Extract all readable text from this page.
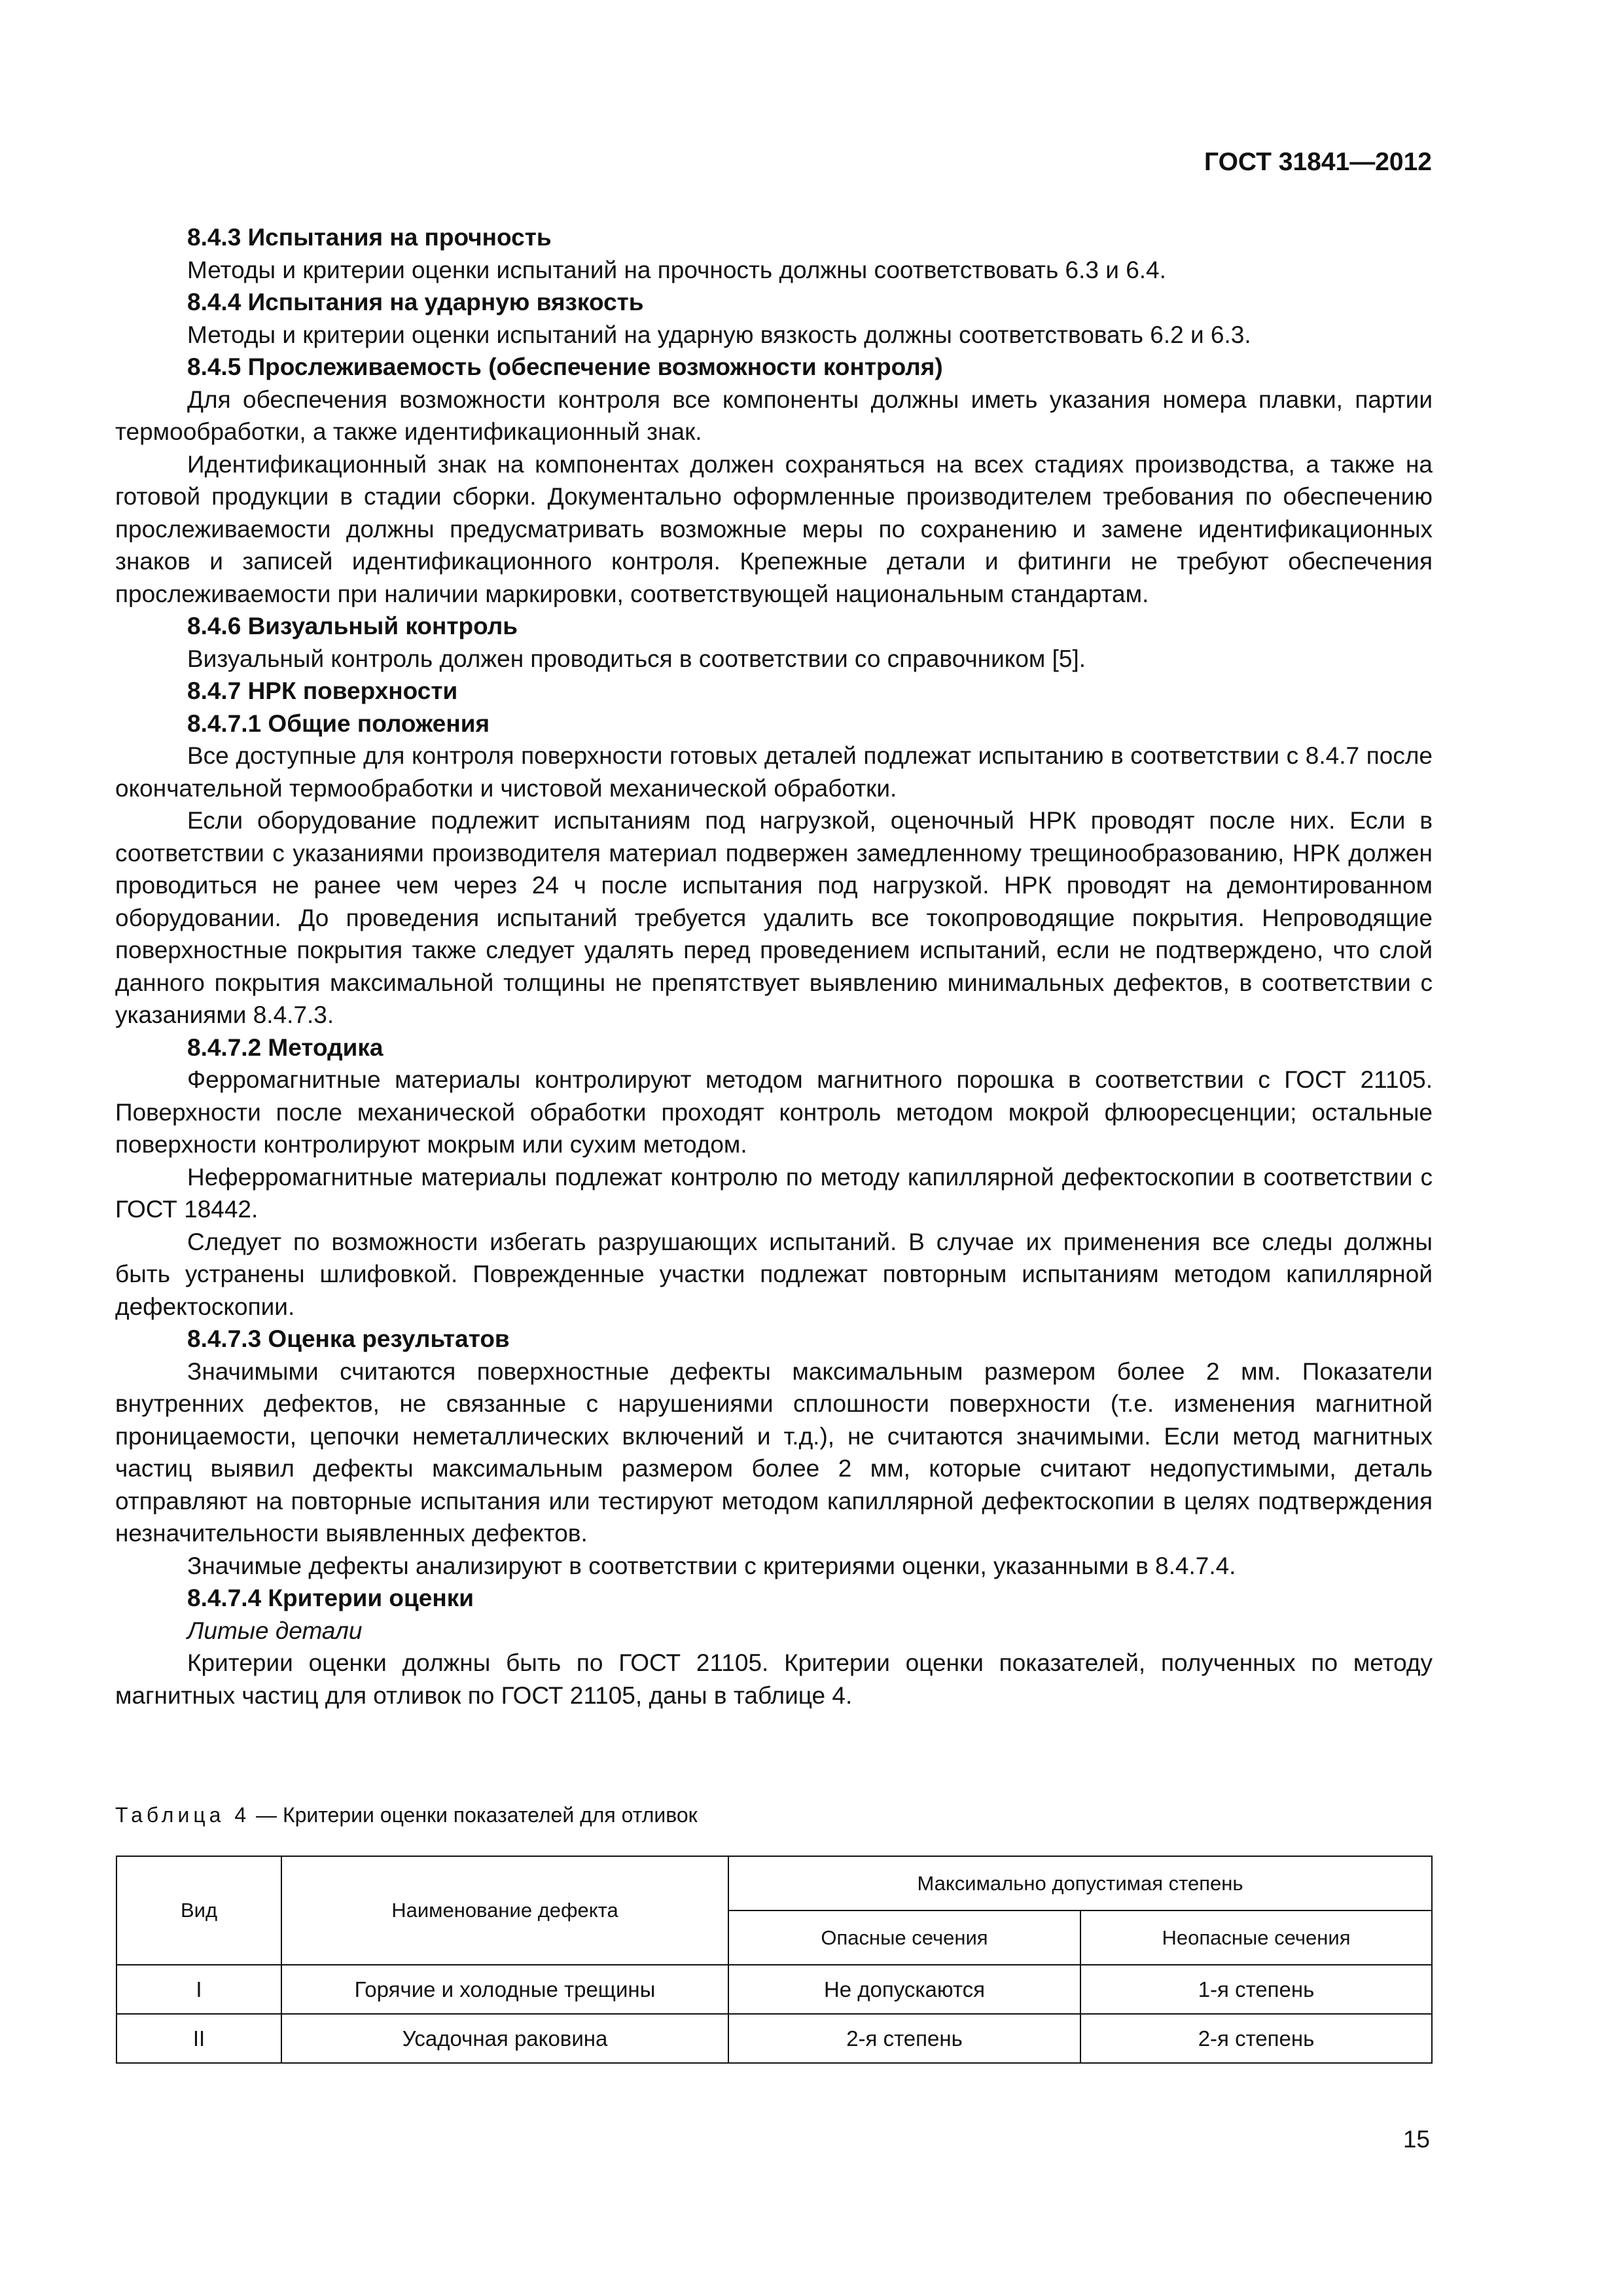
ГОСТ 31841—2012

8.4.3 Испытания на прочность

Методы и критерии оценки испытаний на прочность должны соответствовать 6.3 и 6.4.

8.4.4 Испытания на ударную вязкость

Методы и критерии оценки испытаний на ударную вязкость должны соответствовать 6.2 и 6.3.

8.4.5 Прослеживаемость (обеспечение возможности контроля)

Для обеспечения возможности контроля все компоненты должны иметь указания номера плавки, партии термообработки, а также идентификационный знак.

Идентификационный знак на компонентах должен сохраняться на всех стадиях производства, а также на готовой продукции в стадии сборки. Документально оформленные производителем требования по обеспечению прослеживаемости должны предусматривать возможные меры по сохранению и замене идентификационных знаков и записей идентификационного контроля. Крепежные детали и фитинги не требуют обеспечения прослеживаемости при наличии маркировки, соответствующей национальным стандартам.

8.4.6 Визуальный контроль

Визуальный контроль должен проводиться в соответствии со справочником [5].

8.4.7 НРК поверхности

8.4.7.1 Общие положения

Все доступные для контроля поверхности готовых деталей подлежат испытанию в соответствии с 8.4.7 после окончательной термообработки и чистовой механической обработки.

Если оборудование подлежит испытаниям под нагрузкой, оценочный НРК проводят после них. Если в соответствии с указаниями производителя материал подвержен замедленному трещинообразованию, НРК должен проводиться не ранее чем через 24 ч после испытания под нагрузкой. НРК проводят на демонтированном оборудовании. До проведения испытаний требуется удалить все токопроводящие покрытия. Непроводящие поверхностные покрытия также следует удалять перед проведением испытаний, если не подтверждено, что слой данного покрытия максимальной толщины не препятствует выявлению минимальных дефектов, в соответствии с указаниями 8.4.7.3.

8.4.7.2 Методика

Ферромагнитные материалы контролируют методом магнитного порошка в соответствии с ГОСТ 21105. Поверхности после механической обработки проходят контроль методом мокрой флюоресценции; остальные поверхности контролируют мокрым или сухим методом.

Неферромагнитные материалы подлежат контролю по методу капиллярной дефектоскопии в соответствии с ГОСТ 18442.

Следует по возможности избегать разрушающих испытаний. В случае их применения все следы должны быть устранены шлифовкой. Поврежденные участки подлежат повторным испытаниям методом капиллярной дефектоскопии.

8.4.7.3 Оценка результатов

Значимыми считаются поверхностные дефекты максимальным размером более 2 мм. Показатели внутренних дефектов, не связанные с нарушениями сплошности поверхности (т.е. изменения магнитной проницаемости, цепочки неметаллических включений и т.д.), не считаются значимыми. Если метод магнитных частиц выявил дефекты максимальным размером более 2 мм, которые считают недопустимыми, деталь отправляют на повторные испытания или тестируют методом капиллярной дефектоскопии в целях подтверждения незначительности выявленных дефектов.

Значимые дефекты анализируют в соответствии с критериями оценки, указанными в 8.4.7.4.

8.4.7.4 Критерии оценки

Литые детали

Критерии оценки должны быть по ГОСТ 21105. Критерии оценки показателей, полученных по методу магнитных частиц для отливок по ГОСТ 21105, даны в таблице 4.

Таблица 4 — Критерии оценки показателей для отливок
Вид	Наименование дефекта	Максимально допустимая степень	
		Опасные сечения	Неопасные сечения
I	Горячие и холодные трещины	Не допускаются	1-я степень
II	Усадочная раковина	2-я степень	2-я степень
15
